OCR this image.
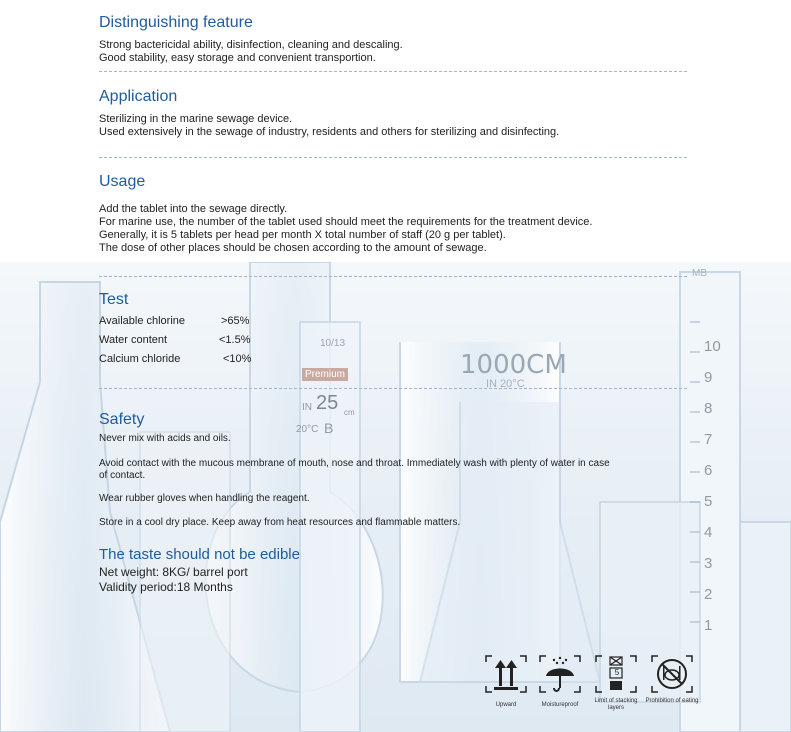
1000CM
IN 20°C
10/13
Premium
IN 25 cm
20°C B
MB
10
9
8
7
6
5
4
3
2
1
Distinguishing feature
Strong bactericidal ability, disinfection, cleaning and descaling.
Good stability, easy storage and convenient transportion.
Application
Sterilizing in the marine sewage device.
Used extensively in the sewage of industry, residents and others for sterilizing and disinfecting.
Usage
Add the tablet into the sewage directly.
For marine use, the number of the tablet used should meet the requirements for the treatment device.
Generally, it is 5 tablets per head per month X total number of staff (20 g per tablet).
The dose of other places should be chosen according to the amount of sewage.
Test
Available chlorine	>65%
Water content	<1.5%
Calcium chloride	<10%
Safety
Never mix with acids and oils.
Avoid contact with the mucous membrane of mouth, nose and throat. Immediately wash with plenty of water in case
of contact.
Wear rubber gloves when handling the reagent.
Store in a cool dry place. Keep away from heat resources and flammable matters.
The taste should not be edible
Net weight: 8KG/ barrel port
Validity period:18 Months
Upward	Moistureproof
5
Limit of stacking layers
Prohibition of eating
